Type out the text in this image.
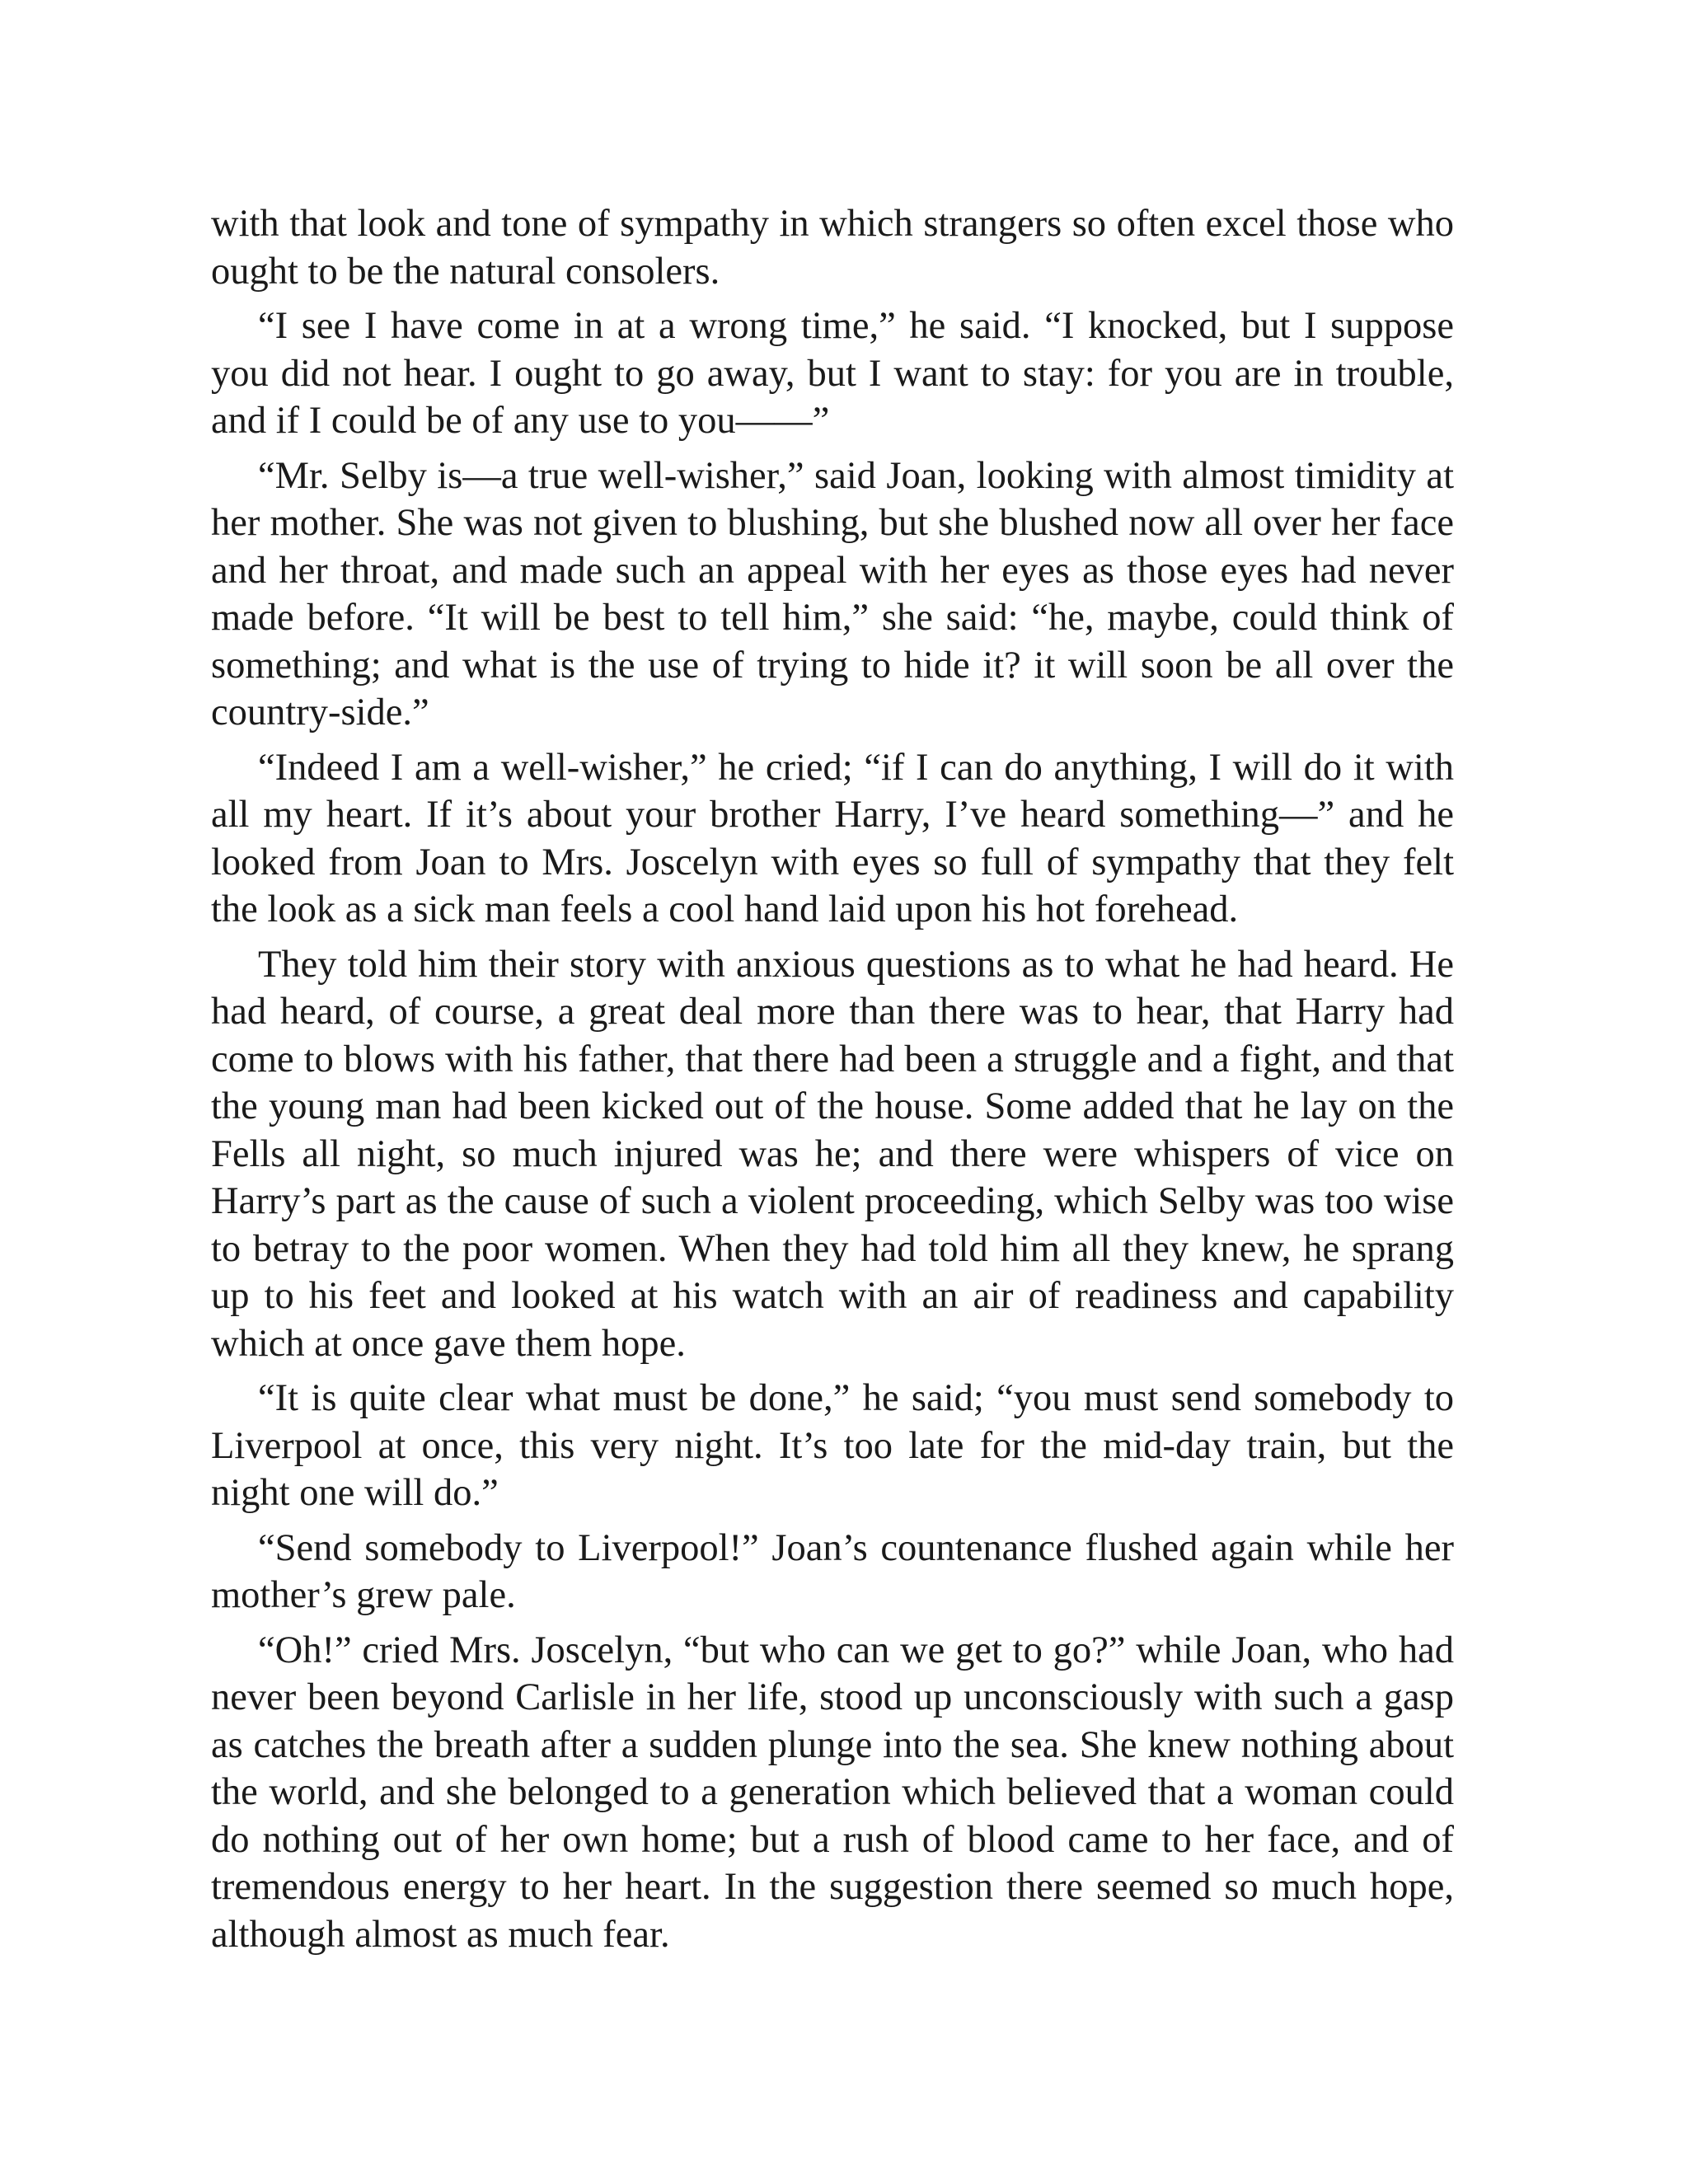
with that look and tone of sympathy in which strangers so often excel those who ought to be the natural consolers.

“I see I have come in at a wrong time,” he said. “I knocked, but I suppose you did not hear. I ought to go away, but I want to stay: for you are in trouble, and if I could be of any use to you——”

“Mr. Selby is—a true well-wisher,” said Joan, looking with almost timidity at her mother. She was not given to blushing, but she blushed now all over her face and her throat, and made such an appeal with her eyes as those eyes had never made before. “It will be best to tell him,” she said: “he, maybe, could think of something; and what is the use of trying to hide it? it will soon be all over the country-side.”

“Indeed I am a well-wisher,” he cried; “if I can do anything, I will do it with all my heart. If it’s about your brother Harry, I’ve heard something—” and he looked from Joan to Mrs. Joscelyn with eyes so full of sympathy that they felt the look as a sick man feels a cool hand laid upon his hot forehead.

They told him their story with anxious questions as to what he had heard. He had heard, of course, a great deal more than there was to hear, that Harry had come to blows with his father, that there had been a struggle and a fight, and that the young man had been kicked out of the house. Some added that he lay on the Fells all night, so much injured was he; and there were whispers of vice on Harry’s part as the cause of such a violent proceeding, which Selby was too wise to betray to the poor women. When they had told him all they knew, he sprang up to his feet and looked at his watch with an air of readiness and capability which at once gave them hope.

“It is quite clear what must be done,” he said; “you must send somebody to Liverpool at once, this very night. It’s too late for the mid-day train, but the night one will do.”

“Send somebody to Liverpool!” Joan’s countenance flushed again while her mother’s grew pale.

“Oh!” cried Mrs. Joscelyn, “but who can we get to go?” while Joan, who had never been beyond Carlisle in her life, stood up unconsciously with such a gasp as catches the breath after a sudden plunge into the sea. She knew nothing about the world, and she belonged to a generation which believed that a woman could do nothing out of her own home; but a rush of blood came to her face, and of tremendous energy to her heart. In the suggestion there seemed so much hope, although almost as much fear.
